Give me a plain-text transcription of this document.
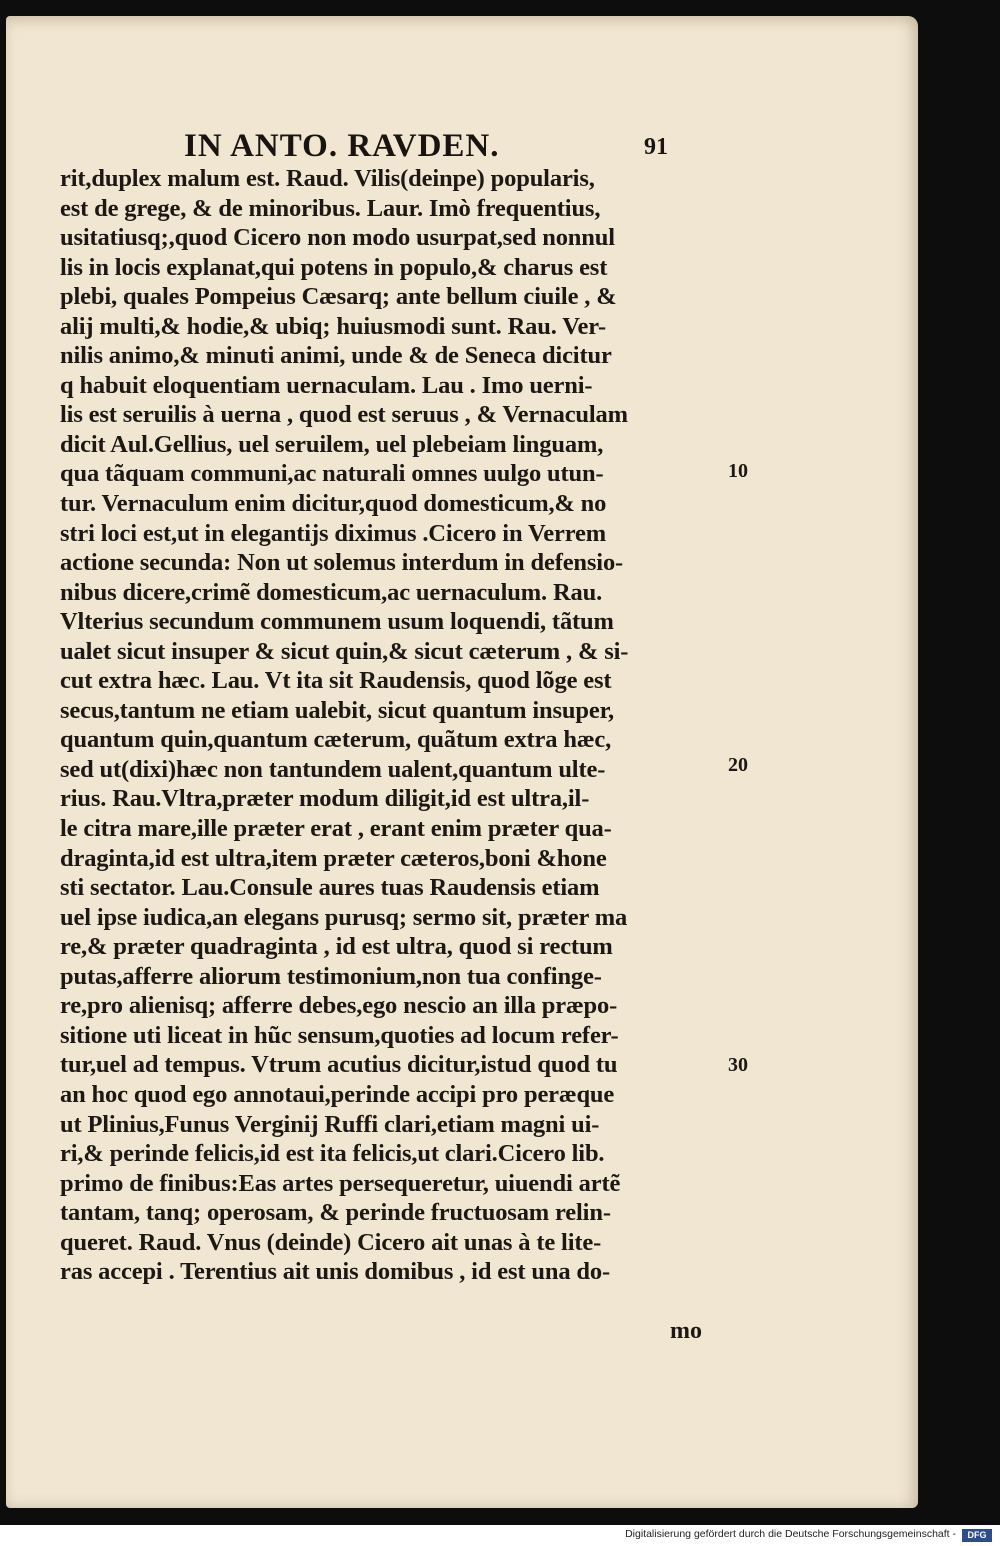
IN ANTO. RAVDEN.	91
rit,duplex malum est. Raud. Vilis(deinpe) popularis,
est de grege, & de minoribus. Laur. Imò frequentius,
usitatiusq;,quod Cicero non modo usurpat,sed nonnul
lis in locis explanat,qui potens in populo,& charus est
plebi, quales Pompeius Cæsarq; ante bellum ciuile , &
alij multi,& hodie,& ubiq; huiusmodi sunt. Rau. Ver-
nilis animo,& minuti animi, unde & de Seneca dicitur
q habuit eloquentiam uernaculam. Lau . Imo uerni-
lis est seruilis à uerna , quod est seruus , & Vernaculam
dicit Aul.Gellius, uel seruilem, uel plebeiam linguam,
qua tãquam communi,ac naturali omnes uulgo utun-
tur. Vernaculum enim dicitur,quod domesticum,& no
stri loci est,ut in elegantijs diximus .Cicero in Verrem
actione secunda: Non ut solemus interdum in defensio-
nibus dicere,crimẽ domesticum,ac uernaculum. Rau.
Vlterius secundum communem usum loquendi, tãtum
ualet sicut insuper & sicut quin,& sicut cæterum , & si-
cut extra hæc. Lau. Vt ita sit Raudensis, quod lõge est
secus,tantum ne etiam ualebit, sicut quantum insuper,
quantum quin,quantum cæterum, quãtum extra hæc,
sed ut(dixi)hæc non tantundem ualent,quantum ulte-
rius. Rau.Vltra,præter modum diligit,id est ultra,il-
le citra mare,ille præter erat , erant enim præter qua-
draginta,id est ultra,item præter cæteros,boni &hone
sti sectator. Lau.Consule aures tuas Raudensis etiam
uel ipse iudica,an elegans purusq; sermo sit, præter ma
re,& præter quadraginta , id est ultra, quod si rectum
putas,afferre aliorum testimonium,non tua confinge-
re,pro alienisq; afferre debes,ego nescio an illa præpo-
sitione uti liceat in hũc sensum,quoties ad locum refer-
tur,uel ad tempus. Vtrum acutius dicitur,istud quod tu
an hoc quod ego annotaui,perinde accipi pro peræque
ut Plinius,Funus Verginij Ruffi clari,etiam magni ui-
ri,& perinde felicis,id est ita felicis,ut clari.Cicero lib.
primo de finibus:Eas artes persequeretur, uiuendi artẽ
tantam, tanq; operosam, & perinde fructuosam relin-
queret. Raud. Vnus (deinde) Cicero ait unas à te lite-
ras accepi . Terentius ait unis domibus , id est una do-
10
20
30
mo
Digitalisierung gefördert durch die Deutsche Forschungsgemeinschaft -	DFG
